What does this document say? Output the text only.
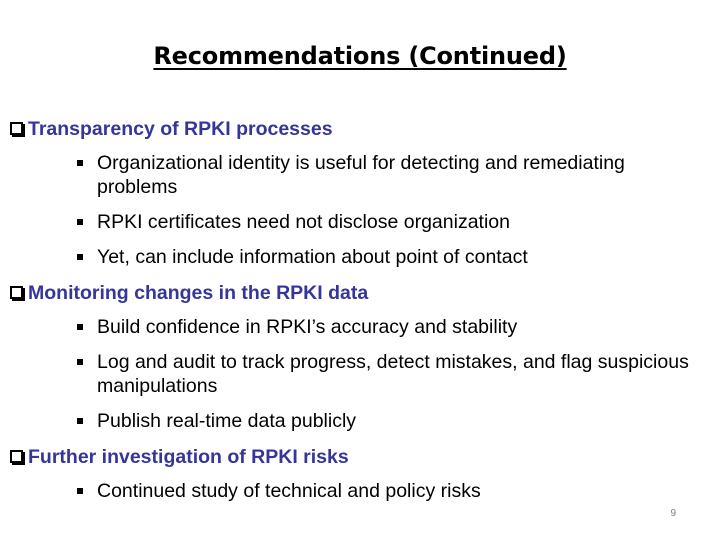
Recommendations (Continued)
Transparency of RPKI processes
Organizational identity is useful for detecting and remediating problems
RPKI certificates need not disclose organization
Yet, can include information about point of contact
Monitoring changes in the RPKI data
Build confidence in RPKI’s accuracy and stability
Log and audit to track progress, detect mistakes, and flag suspicious manipulations
Publish real-time data publicly
Further investigation of RPKI risks
Continued study of technical and policy risks
9
